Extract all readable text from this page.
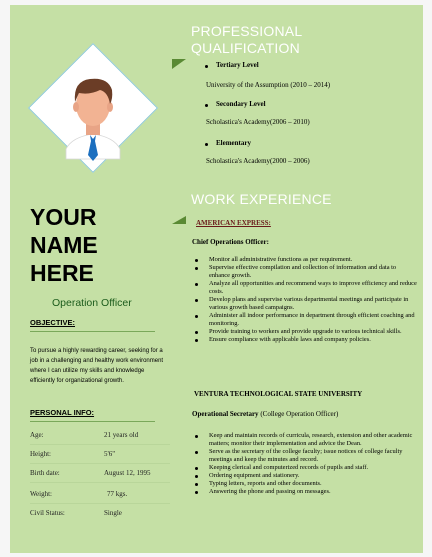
YOUR
NAME
HERE
Operation Officer
OBJECTIVE:
To pursue a highly rewarding career, seeking for a job in a challenging and healthy work environment where I can utilize my skills and knowledge efficiently for organizational growth.
PERSONAL INFO:
Age:	21 years old
Height:	5'6"
Birth date:	August 12, 1995
Weight:	77 kgs.
Civil Status:	Single
PROFESSIONAL
QUALIFICATION
Tertiary Level
University of the Assumption (2010 – 2014)
Secondary Level
Scholastica's Academy(2006 – 2010)
Elementary
Scholastica's Academy(2000 – 2006)
WORK EXPERIENCE
AMERICAN EXPRESS:
Chief Operations Officer:
Monitor all administrative functions as per requirement.
Supervise effective compilation and collection of information and data to enhance growth.
Analyze all opportunities and recommend ways to improve efficiency and reduce costs.
Develop plans and supervise various departmental meetings and participate in various growth based campaigns.
Administer all indoor performance in department through efficient coaching and monitoring.
Provide training to workers and provide upgrade to various technical skills.
Ensure compliance with applicable laws and company policies.
VENTURA TECHNOLOGICAL STATE UNIVERSITY
Operational Secretary (College Operation Officer)
Keep and maintain records of curricula, research, extension and other academic matters; monitor their implementation and advice the Dean.
Serve as the secretary of the college faculty; issue notices of college faculty meetings and keep the minutes and record.
Keeping clerical and computerized records of pupils and staff.
Ordering equipment and stationery.
Typing letters, reports and other documents.
Answering the phone and passing on messages.
